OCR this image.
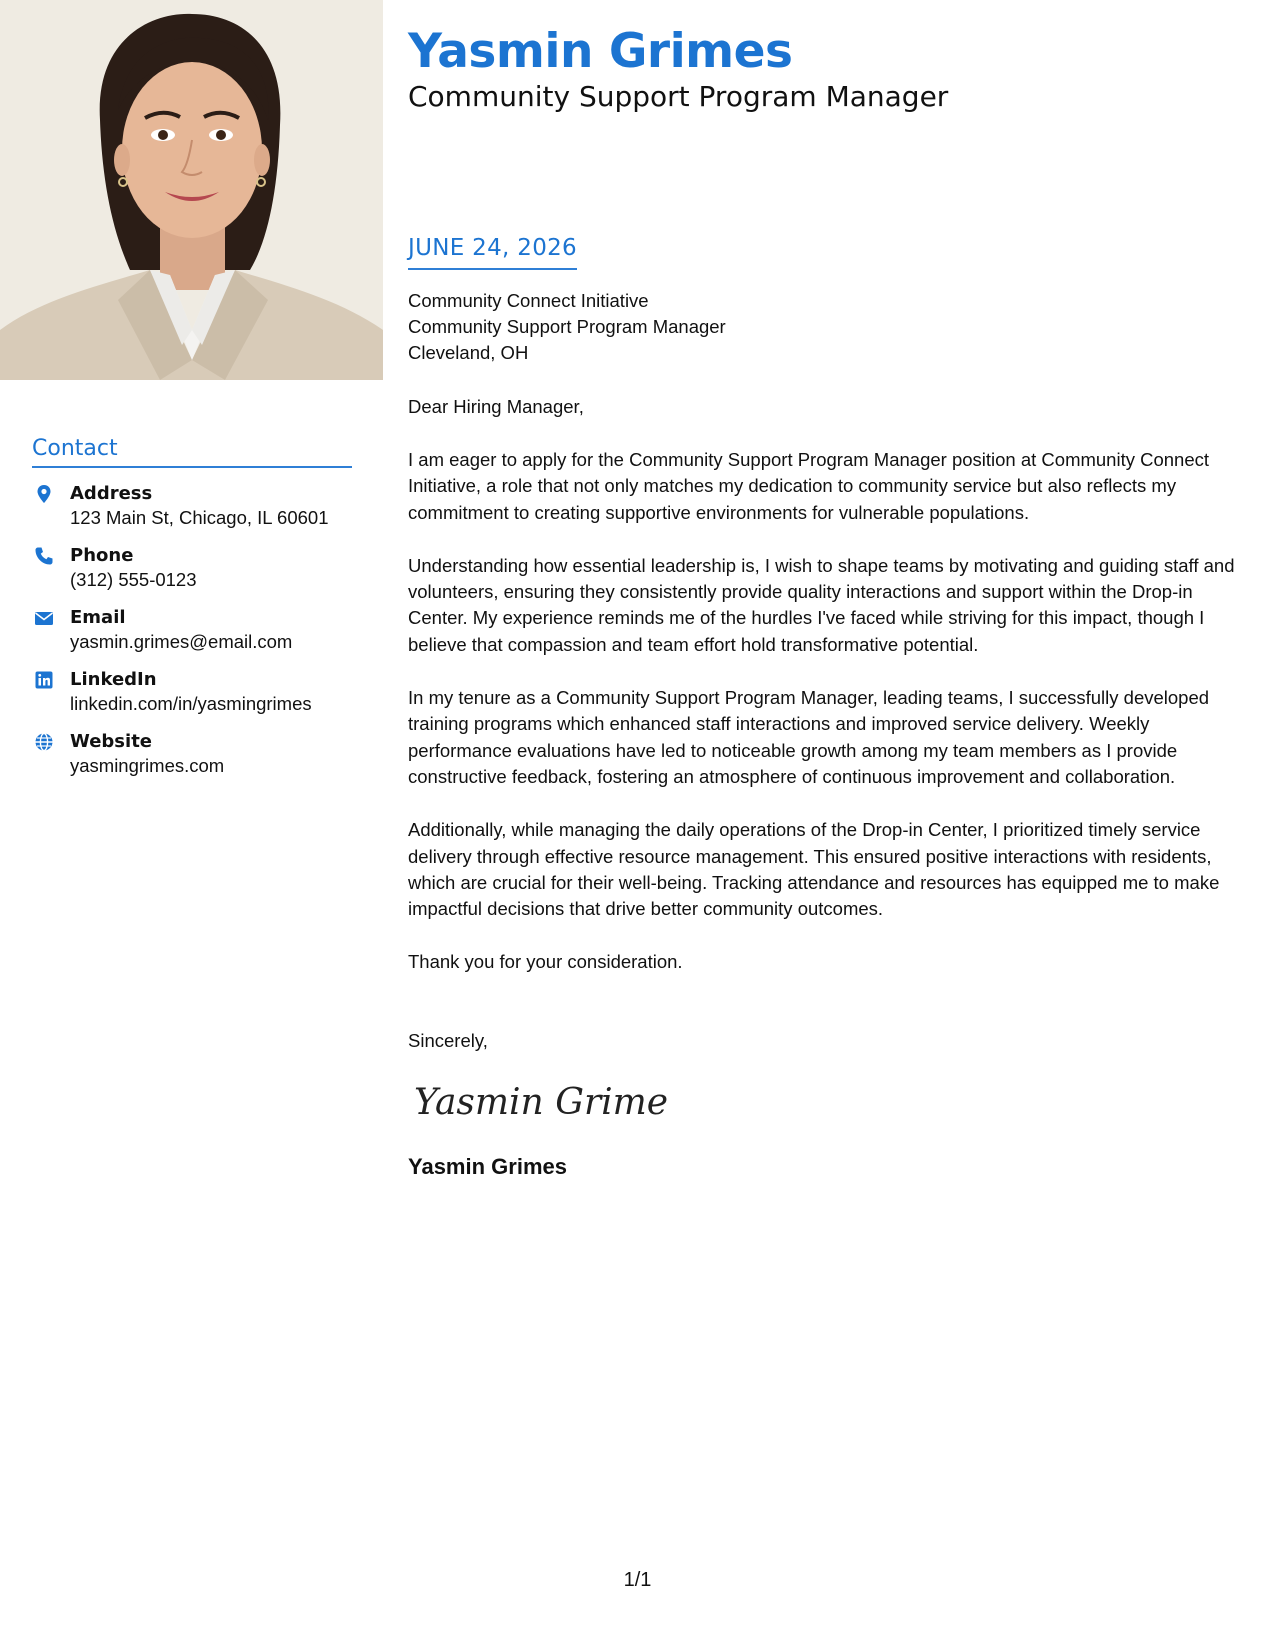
Contact
Address
123 Main St, Chicago, IL 60601
Phone
(312) 555-0123
Email
yasmin.grimes@email.com
LinkedIn
linkedin.com/in/yasmingrimes
Website
yasmingrimes.com
Yasmin Grimes
Community Support Program Manager
JUNE 24, 2026
Community Connect Initiative
Community Support Program Manager
Cleveland, OH
Dear Hiring Manager,

I am eager to apply for the Community Support Program Manager position at Community Connect Initiative, a role that not only matches my dedication to community service but also reflects my commitment to creating supportive environments for vulnerable populations.

Understanding how essential leadership is, I wish to shape teams by motivating and guiding staff and volunteers, ensuring they consistently provide quality interactions and support within the Drop-in Center. My experience reminds me of the hurdles I've faced while striving for this impact, though I believe that compassion and team effort hold transformative potential.

In my tenure as a Community Support Program Manager, leading teams, I successfully developed training programs which enhanced staff interactions and improved service delivery. Weekly performance evaluations have led to noticeable growth among my team members as I provide constructive feedback, fostering an atmosphere of continuous improvement and collaboration.

Additionally, while managing the daily operations of the Drop-in Center, I prioritized timely service delivery through effective resource management. This ensured positive interactions with residents, which are crucial for their well-being. Tracking attendance and resources has equipped me to make impactful decisions that drive better community outcomes.

Thank you for your consideration.
Sincerely,
Yasmin Grimes
Yasmin Grimes
1/1
